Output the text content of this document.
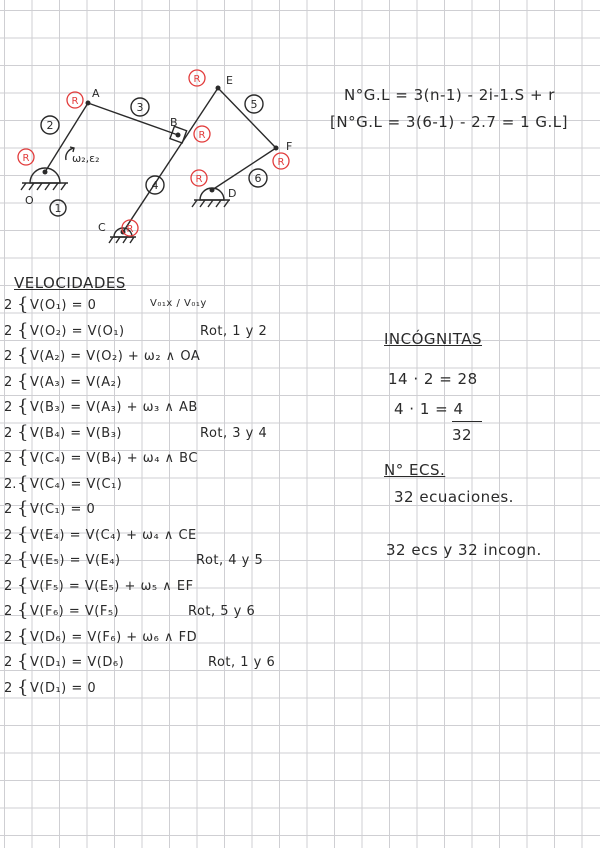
R
R
R
R
R
R
R
2
3
4
5
6
1
A
B
E
F
D
O
C
ω₂,ε₂
N°G.L = 3(n-1) - 2i-1.S + r
[N°G.L = 3(6-1) - 2.7 = 1 G.L]
VELOCIDADES
2 { V(O₁) = 0	V₀₁x / V₀₁y
2 { V(O₂) = V(O₁)	Rot, 1 y 2
2 { V(A₂) = V(O₂) + ω₂ ∧ OA
2 { V(A₃) = V(A₂)
2 { V(B₃) = V(A₃) + ω₃ ∧ AB
2 { V(B₄) = V(B₃)	Rot, 3 y 4
2 { V(C₄) = V(B₄) + ω₄ ∧ BC
2. { V(C₄) = V(C₁)
2 { V(C₁) = 0
2 { V(E₄) = V(C₄) + ω₄ ∧ CE
2 { V(E₅) = V(E₄)	Rot, 4 y 5
2 { V(F₅) = V(E₅) + ω₅ ∧ EF
2 { V(F₆) = V(F₅)	Rot, 5 y 6
2 { V(D₆) = V(F₆) + ω₆ ∧ FD
2 { V(D₁) = V(D₆)	Rot, 1 y 6
2 { V(D₁) = 0
INCÓGNITAS
14 · 2 = 28
4 · 1 = 4
32
N° ECS.
32 ecuaciones.
32 ecs y 32 incogn.
